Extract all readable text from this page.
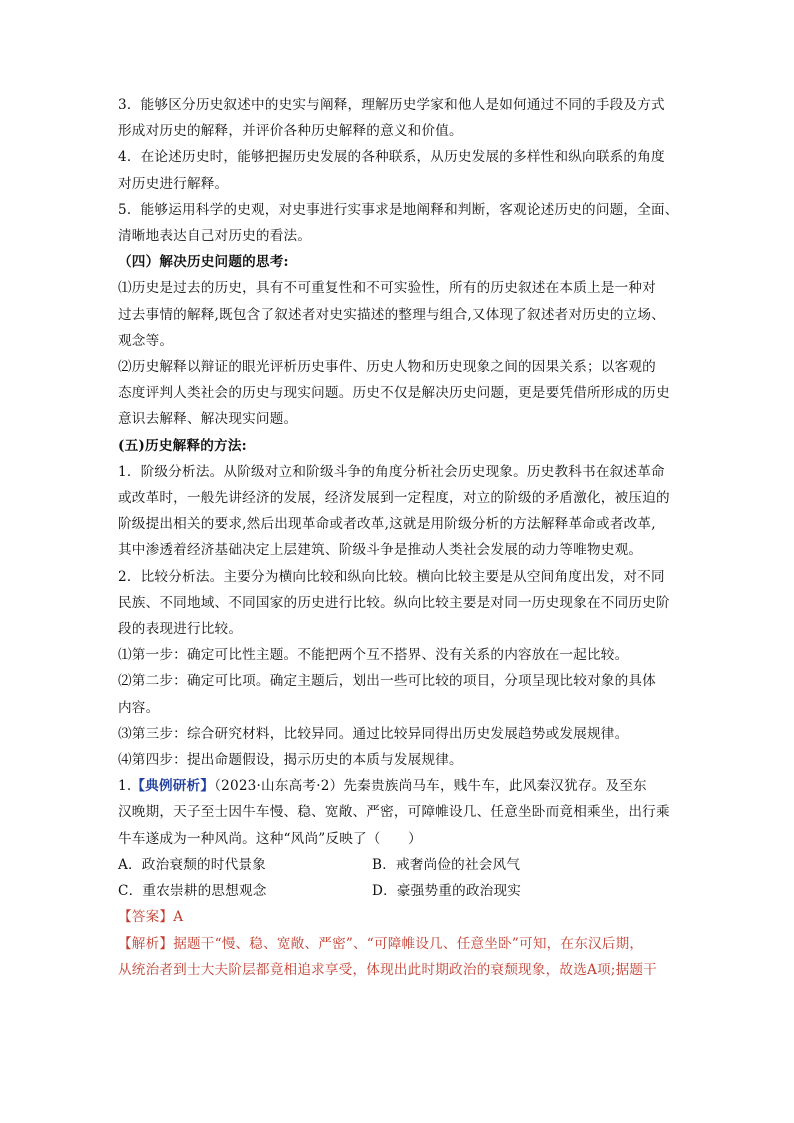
3．能够区分历史叙述中的史实与阐释，理解历史学家和他人是如何通过不同的手段及方式

形成对历史的解释，并评价各种历史解释的意义和价值。

4．在论述历史时，能够把握历史发展的各种联系，从历史发展的多样性和纵向联系的角度

对历史进行解释。

5．能够运用科学的史观，对史事进行实事求是地阐释和判断，客观论述历史的问题，全面、

清晰地表达自己对历史的看法。

（四）解决历史问题的思考:

⑴历史是过去的历史，具有不可重复性和不可实验性，所有的历史叙述在本质上是一种对

过去事情的解释,既包含了叙述者对史实描述的整理与组合,又体现了叙述者对历史的立场、

观念等。

⑵历史解释以辩证的眼光评析历史事件、历史人物和历史现象之间的因果关系；以客观的

态度评判人类社会的历史与现实问题。历史不仅是解决历史问题，更是要凭借所形成的历史

意识去解释、解决现实问题。

(五)历史解释的方法:

1．阶级分析法。从阶级对立和阶级斗争的角度分析社会历史现象。历史教科书在叙述革命

或改革时，一般先讲经济的发展，经济发展到一定程度，对立的阶级的矛盾激化，被压迫的

阶级提出相关的要求,然后出现革命或者改革,这就是用阶级分析的方法解释革命或者改革,

其中渗透着经济基础决定上层建筑、阶级斗争是推动人类社会发展的动力等唯物史观。

2．比较分析法。主要分为横向比较和纵向比较。横向比较主要是从空间角度出发，对不同

民族、不同地域、不同国家的历史进行比较。纵向比较主要是对同一历史现象在不同历史阶

段的表现进行比较。

⑴第一步：确定可比性主题。不能把两个互不搭界、没有关系的内容放在一起比较。

⑵第二步：确定可比项。确定主题后，划出一些可比较的项目，分项呈现比较对象的具体

内容。

⑶第三步：综合研究材料，比较异同。通过比较异同得出历史发展趋势或发展规律。

⑷第四步：提出命题假设，揭示历史的本质与发展规律。

1.【典例研析】（2023·山东高考·2）先秦贵族尚马车，贱牛车，此风秦汉犹存。及至东

汉晚期，天子至士因牛车慢、稳、宽敞、严密，可障帷设几、任意坐卧而竟相乘坐，出行乘

牛车遂成为一种风尚。这种“风尚”反映了（　　）

A．政治衰颓的时代景象	B．戒奢尚俭的社会风气
C．重农崇耕的思想观念	D．豪强势重的政治现实

【答案】A

【解析】据题干“慢、稳、宽敞、严密”、“可障帷设几、任意坐卧”可知，在东汉后期，

从统治者到士大夫阶层都竟相追求享受，体现出此时期政治的衰颓现象，故选A项;据题干
